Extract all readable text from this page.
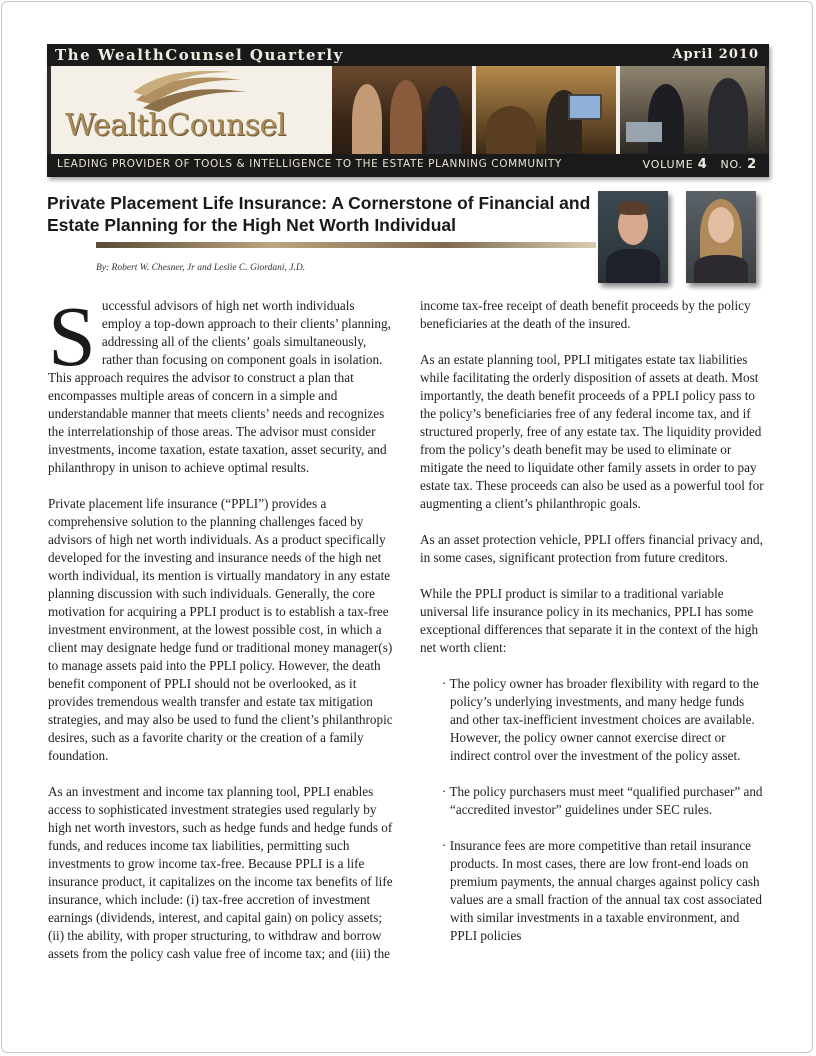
The WealthCounsel Quarterly	April 2010
WealthCounsel
LEADING PROVIDER OF TOOLS & INTELLIGENCE TO THE ESTATE PLANNING COMMUNITY	VOLUME 4 NO. 2
Private Placement Life Insurance: A Cornerstone of Financial and Estate Planning for the High Net Worth Individual
By: Robert W. Chesner, Jr and Leslie C. Giordani, J.D.

S uccessful advisors of high net worth individuals employ a top-down approach to their clients’ planning, addressing all of the clients’ goals simultaneously, rather than focusing on component goals in isolation. This approach requires the advisor to construct a plan that encompasses multiple areas of concern in a simple and understandable manner that meets clients’ needs and recognizes the interrelationship of those areas. The advisor must consider investments, income taxation, estate taxation, asset security, and philanthropy in unison to achieve optimal results.

Private placement life insurance (“PPLI”) provides a comprehensive solution to the planning challenges faced by advisors of high net worth individuals. As a product specifically developed for the investing and insurance needs of the high net worth individual, its mention is virtually mandatory in any estate planning discussion with such individuals. Generally, the core motivation for acquiring a PPLI product is to establish a tax-free investment environment, at the lowest possible cost, in which a client may designate hedge fund or traditional money manager(s) to manage assets paid into the PPLI policy. However, the death benefit component of PPLI should not be overlooked, as it provides tremendous wealth transfer and estate tax mitigation strategies, and may also be used to fund the client’s philanthropic desires, such as a favorite charity or the creation of a family foundation.

As an investment and income tax planning tool, PPLI enables access to sophisticated investment strategies used regularly by high net worth investors, such as hedge funds and hedge funds of funds, and reduces income tax liabilities, permitting such investments to grow income tax-free. Because PPLI is a life insurance product, it capitalizes on the income tax benefits of life insurance, which include: (i) tax-free accretion of investment earnings (dividends, interest, and capital gain) on policy assets; (ii) the ability, with proper structuring, to withdraw and borrow assets from the policy cash value free of income tax; and (iii) the

income tax-free receipt of death benefit proceeds by the policy beneficiaries at the death of the insured.

As an estate planning tool, PPLI mitigates estate tax liabilities while facilitating the orderly disposition of assets at death. Most importantly, the death benefit proceeds of a PPLI policy pass to the policy’s beneficiaries free of any federal income tax, and if structured properly, free of any estate tax. The liquidity provided from the policy’s death benefit may be used to eliminate or mitigate the need to liquidate other family assets in order to pay estate tax. These proceeds can also be used as a powerful tool for augmenting a client’s philanthropic goals.

As an asset protection vehicle, PPLI offers financial privacy and, in some cases, significant protection from future creditors.

While the PPLI product is similar to a traditional variable universal life insurance policy in its mechanics, PPLI has some exceptional differences that separate it in the context of the high net worth client:

· The policy owner has broader flexibility with regard to the policy’s underlying investments, and many hedge funds and other tax-inefficient investment choices are available. However, the policy owner cannot exercise direct or indirect control over the investment of the policy asset.
· The policy purchasers must meet “qualified purchaser” and “accredited investor” guidelines under SEC rules.
· Insurance fees are more competitive than retail insurance products. In most cases, there are low front-end loads on premium payments, the annual charges against policy cash values are a small fraction of the annual tax cost associated with similar investments in a taxable environment, and PPLI policies
